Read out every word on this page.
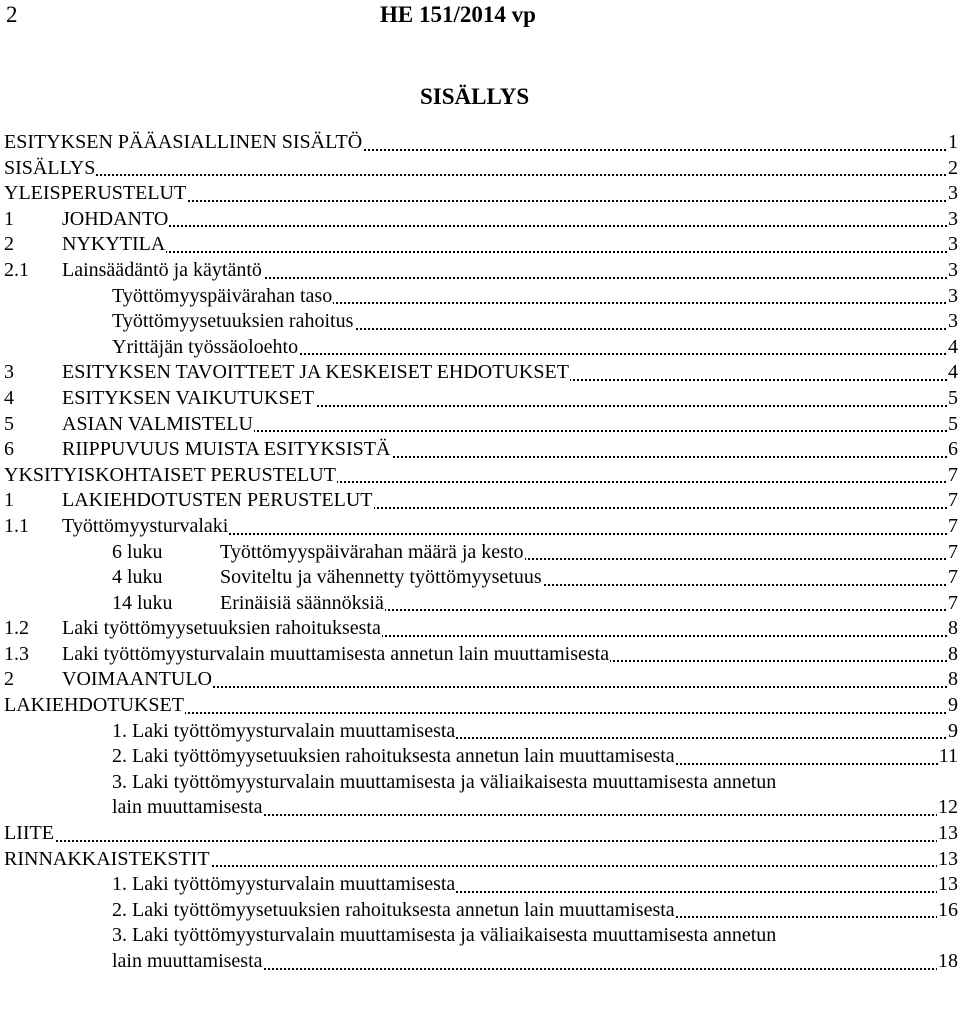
2	HE 151/2014 vp
SISÄLLYS
ESITYKSEN PÄÄASIALLINEN SISÄLTÖ	1
SISÄLLYS	2
YLEISPERUSTELUT	3
1 JOHDANTO	3
2 NYKYTILA	3
2.1 Lainsäädäntö ja käytäntö	3
Työttömyyspäivärahan taso	3
Työttömyysetuuksien rahoitus	3
Yrittäjän työssäoloehto	4
3 ESITYKSEN TAVOITTEET JA KESKEISET EHDOTUKSET	4
4 ESITYKSEN VAIKUTUKSET	5
5 ASIAN VALMISTELU	5
6 RIIPPUVUUS MUISTA ESITYKSISTÄ	6
YKSITYISKOHTAISET PERUSTELUT	7
1 LAKIEHDOTUSTEN PERUSTELUT	7
1.1 Työttömyysturvalaki	7
6 luku	Työttömyyspäivärahan määrä ja kesto	7
4 luku	Soviteltu ja vähennetty työttömyysetuus	7
14 luku Erinäisiä säännöksiä	7
1.2 Laki työttömyysetuuksien rahoituksesta	8
1.3 Laki työttömyysturvalain muuttamisesta annetun lain muuttamisesta	8
2 VOIMAANTULO	8
LAKIEHDOTUKSET	9
1. Laki työttömyysturvalain muuttamisesta	9
2. Laki työttömyysetuuksien rahoituksesta annetun lain muuttamisesta	11
3. Laki työttömyysturvalain muuttamisesta ja väliaikaisesta muuttamisesta annetun
lain muuttamisesta	12
LIITE	13
RINNAKKAISTEKSTIT	13
1. Laki työttömyysturvalain muuttamisesta	13
2. Laki työttömyysetuuksien rahoituksesta annetun lain muuttamisesta	16
3. Laki työttömyysturvalain muuttamisesta ja väliaikaisesta muuttamisesta annetun
lain muuttamisesta	18
